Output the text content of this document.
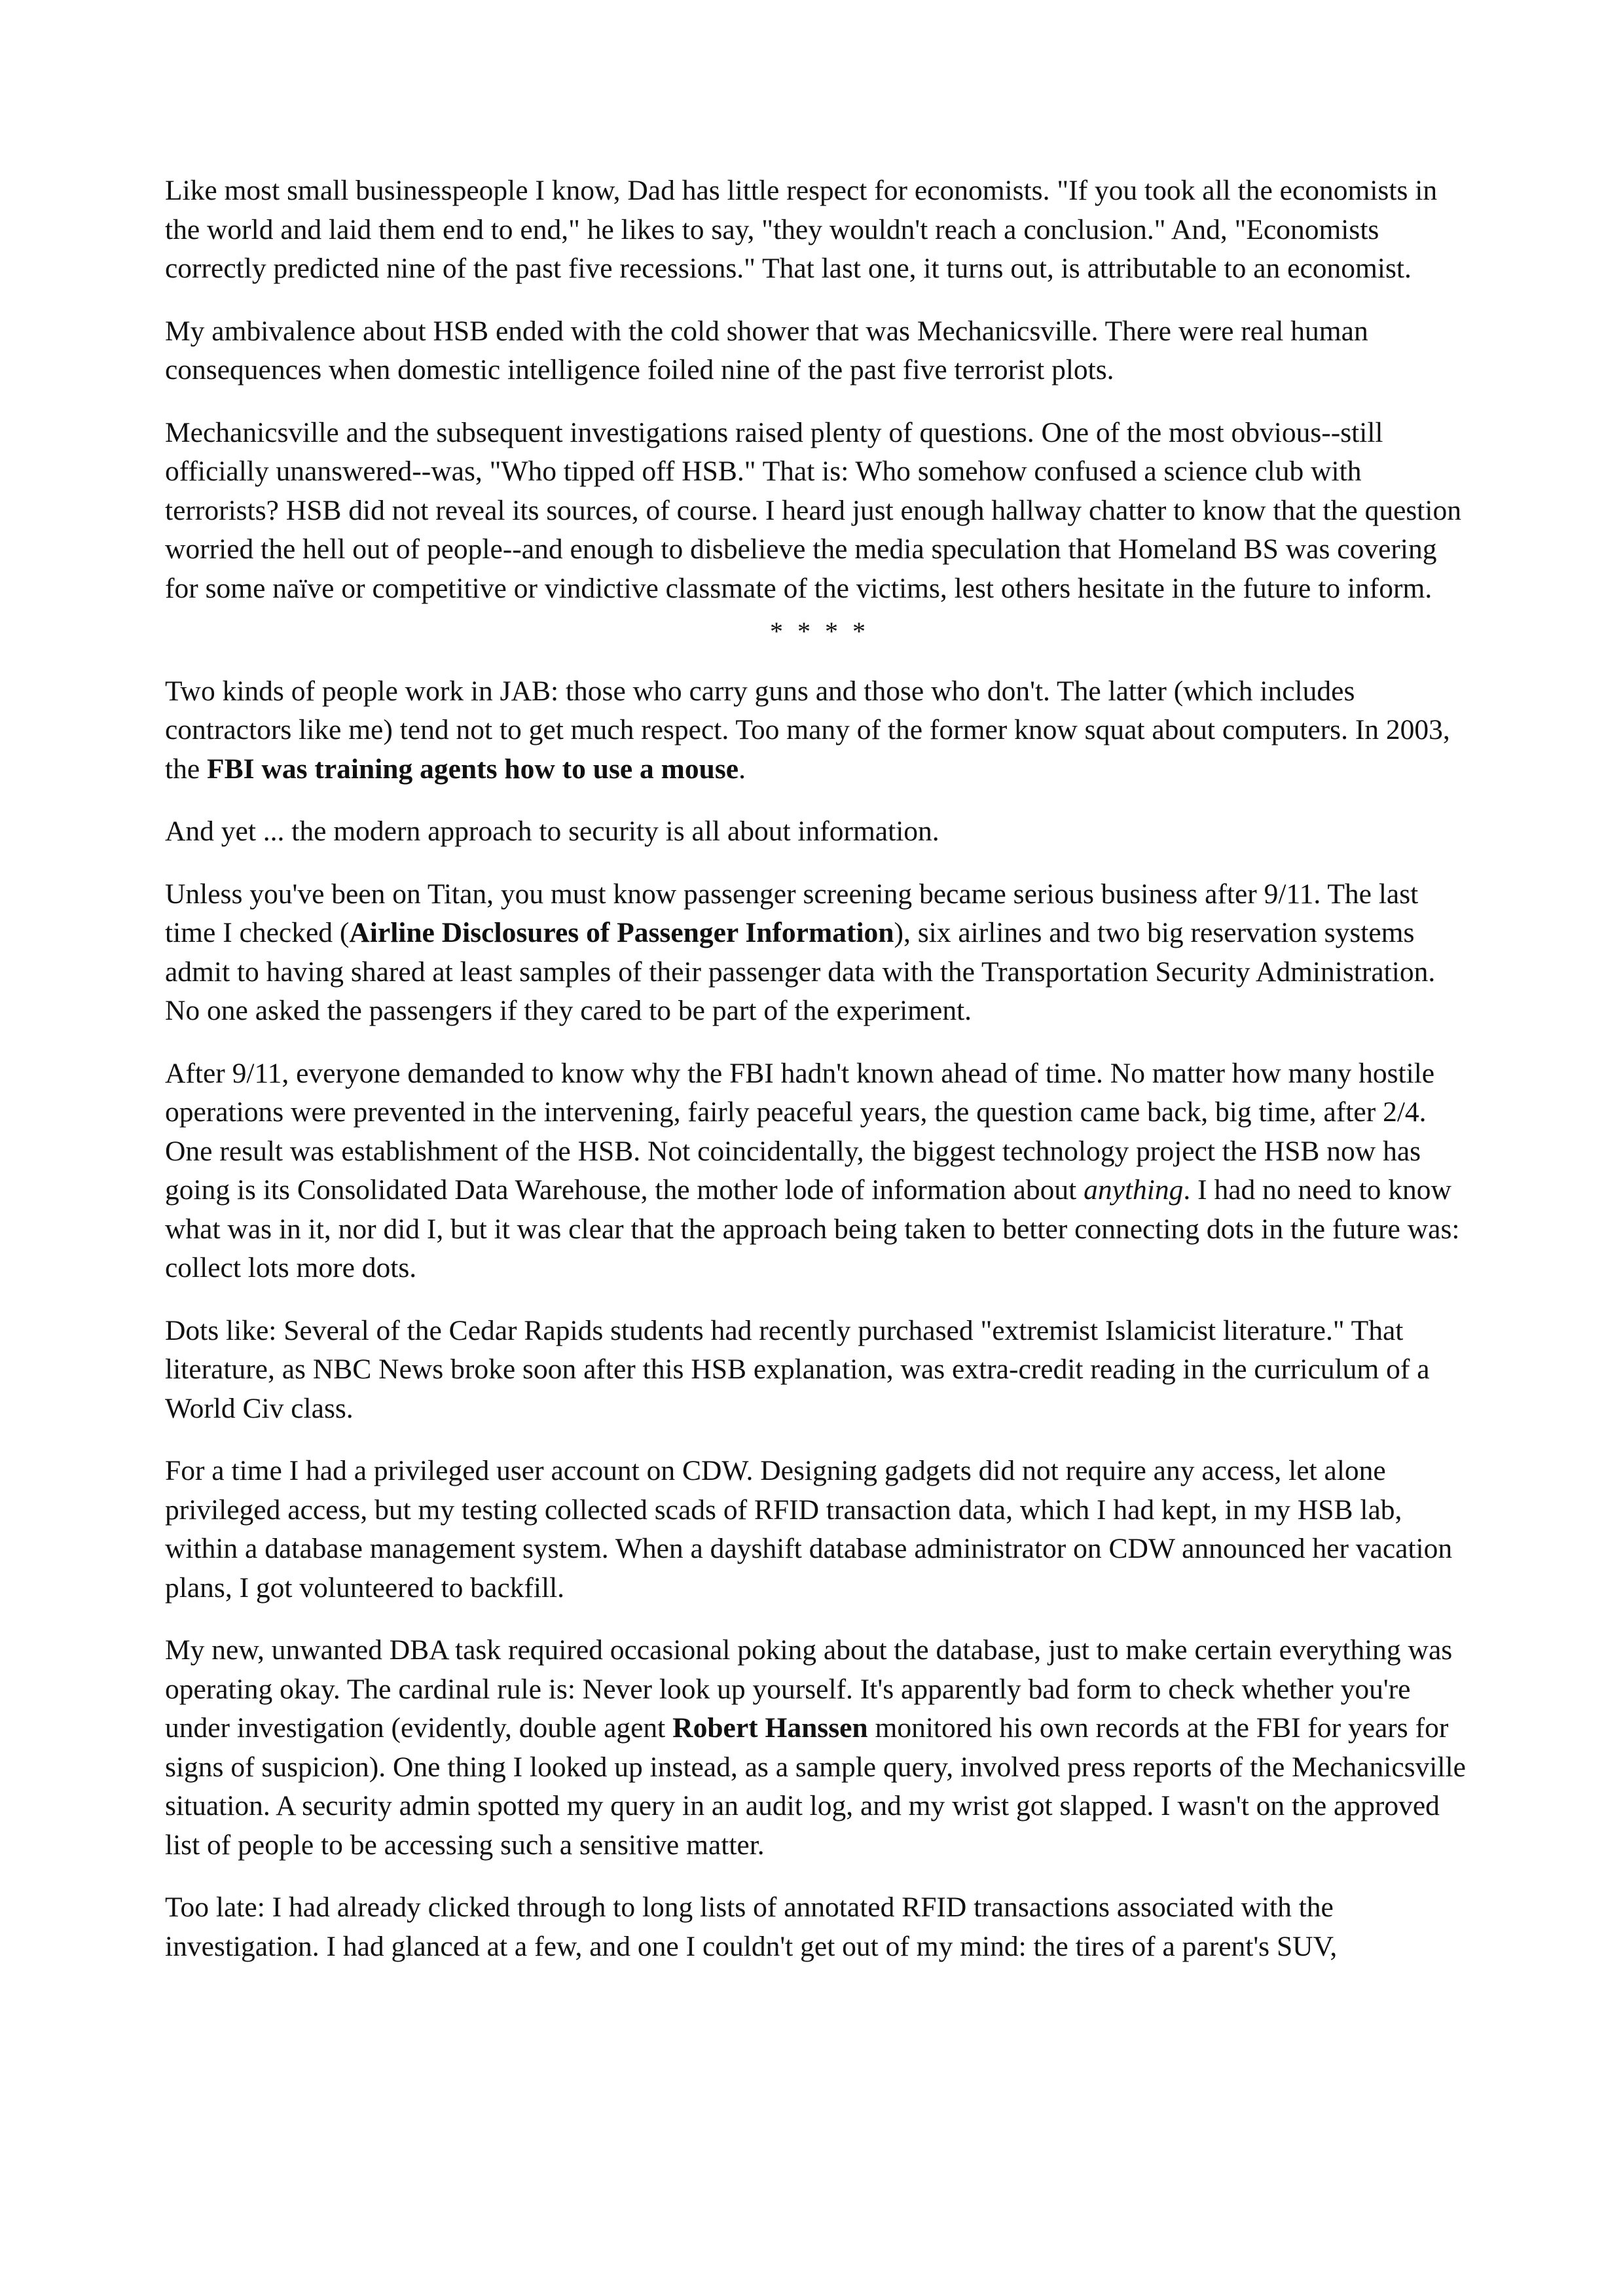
Like most small businesspeople I know, Dad has little respect for economists. "If you took all the economists in the world and laid them end to end," he likes to say, "they wouldn't reach a conclusion." And, "Economists correctly predicted nine of the past five recessions." That last one, it turns out, is attributable to an economist.

My ambivalence about HSB ended with the cold shower that was Mechanicsville. There were real human consequences when domestic intelligence foiled nine of the past five terrorist plots.

Mechanicsville and the subsequent investigations raised plenty of questions. One of the most obvious--still officially unanswered--was, "Who tipped off HSB." That is: Who somehow confused a science club with terrorists? HSB did not reveal its sources, of course. I heard just enough hallway chatter to know that the question worried the hell out of people--and enough to disbelieve the media speculation that Homeland BS was covering for some naïve or competitive or vindictive classmate of the victims, lest others hesitate in the future to inform.

* * * *

Two kinds of people work in JAB: those who carry guns and those who don't. The latter (which includes contractors like me) tend not to get much respect. Too many of the former know squat about computers. In 2003, the FBI was training agents how to use a mouse.

And yet ... the modern approach to security is all about information.

Unless you've been on Titan, you must know passenger screening became serious business after 9/11. The last time I checked (Airline Disclosures of Passenger Information), six airlines and two big reservation systems admit to having shared at least samples of their passenger data with the Transportation Security Administration. No one asked the passengers if they cared to be part of the experiment.

After 9/11, everyone demanded to know why the FBI hadn't known ahead of time. No matter how many hostile operations were prevented in the intervening, fairly peaceful years, the question came back, big time, after 2/4. One result was establishment of the HSB. Not coincidentally, the biggest technology project the HSB now has going is its Consolidated Data Warehouse, the mother lode of information about anything. I had no need to know what was in it, nor did I, but it was clear that the approach being taken to better connecting dots in the future was: collect lots more dots.

Dots like: Several of the Cedar Rapids students had recently purchased "extremist Islamicist literature." That literature, as NBC News broke soon after this HSB explanation, was extra-credit reading in the curriculum of a World Civ class.

For a time I had a privileged user account on CDW. Designing gadgets did not require any access, let alone privileged access, but my testing collected scads of RFID transaction data, which I had kept, in my HSB lab, within a database management system. When a dayshift database administrator on CDW announced her vacation plans, I got volunteered to backfill.

My new, unwanted DBA task required occasional poking about the database, just to make certain everything was operating okay. The cardinal rule is: Never look up yourself. It's apparently bad form to check whether you're under investigation (evidently, double agent Robert Hanssen monitored his own records at the FBI for years for signs of suspicion). One thing I looked up instead, as a sample query, involved press reports of the Mechanicsville situation. A security admin spotted my query in an audit log, and my wrist got slapped. I wasn't on the approved list of people to be accessing such a sensitive matter.

Too late: I had already clicked through to long lists of annotated RFID transactions associated with the investigation. I had glanced at a few, and one I couldn't get out of my mind: the tires of a parent's SUV,
